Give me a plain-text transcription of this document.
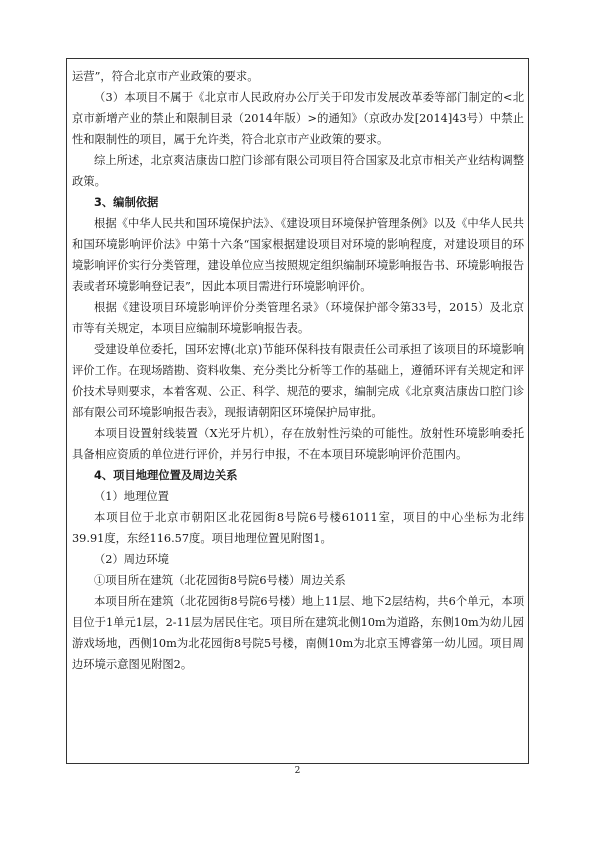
运营”，符合北京市产业政策的要求。

（3）本项目不属于《北京市人民政府办公厅关于印发市发展改革委等部门制定的<北京市新增产业的禁止和限制目录（2014年版）>的通知》（京政办发[2014]43号）中禁止性和限制性的项目，属于允许类，符合北京市产业政策的要求。

综上所述，北京爽洁康齿口腔门诊部有限公司项目符合国家及北京市相关产业结构调整政策。

3、编制依据

根据《中华人民共和国环境保护法》、《建设项目环境保护管理条例》以及《中华人民共和国环境影响评价法》中第十六条“国家根据建设项目对环境的影响程度，对建设项目的环境影响评价实行分类管理，建设单位应当按照规定组织编制环境影响报告书、环境影响报告表或者环境影响登记表”，因此本项目需进行环境影响评价。

根据《建设项目环境影响评价分类管理名录》（环境保护部令第33号，2015）及北京市等有关规定，本项目应编制环境影响报告表。

受建设单位委托，国环宏博(北京)节能环保科技有限责任公司承担了该项目的环境影响评价工作。在现场踏勘、资料收集、充分类比分析等工作的基础上，遵循环评有关规定和评价技术导则要求，本着客观、公正、科学、规范的要求，编制完成《北京爽洁康齿口腔门诊部有限公司环境影响报告表》，现报请朝阳区环境保护局审批。

本项目设置射线装置（X光牙片机），存在放射性污染的可能性。放射性环境影响委托具备相应资质的单位进行评价，并另行申报，不在本项目环境影响评价范围内。

4、项目地理位置及周边关系

（1）地理位置

本项目位于北京市朝阳区北花园街8号院6号楼61011室，项目的中心坐标为北纬39.91度，东经116.57度。项目地理位置见附图1。

（2）周边环境

①项目所在建筑（北花园街8号院6号楼）周边关系

本项目所在建筑（北花园街8号院6号楼）地上11层、地下2层结构，共6个单元，本项目位于1单元1层，2-11层为居民住宅。项目所在建筑北侧10m为道路，东侧10m为幼儿园游戏场地，西侧10m为北花园街8号院5号楼，南侧10m为北京玉博睿第一幼儿园。项目周边环境示意图见附图2。

2
